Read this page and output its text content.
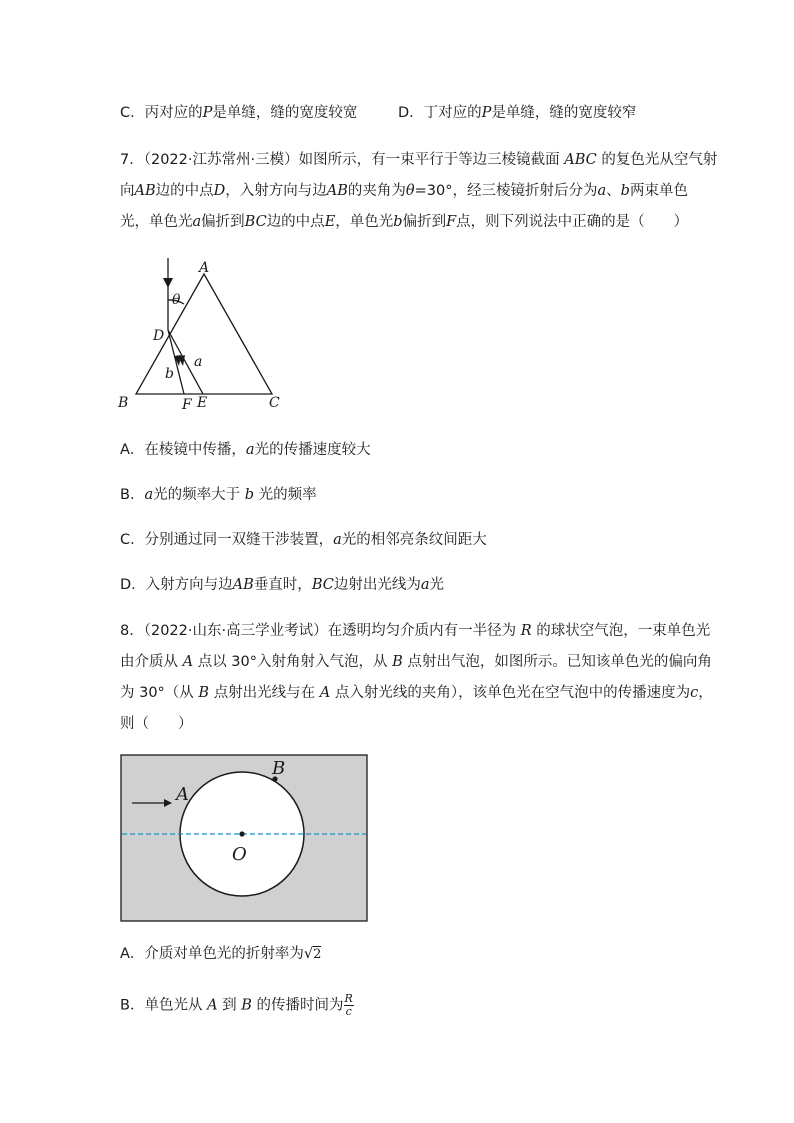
C．丙对应的P是单缝，缝的宽度较宽	D．丁对应的P是单缝，缝的宽度较窄
7．（2022·江苏常州·三模）如图所示，有一束平行于等边三棱镜截面 ABC 的复色光从空气射
向AB边的中点D，入射方向与边AB的夹角为θ=30°，经三棱镜折射后分为a、b两束单色
光，单色光a偏折到BC边的中点E，单色光b偏折到F点，则下列说法中正确的是（　　）
A
θ
D
a
b
B	F E	C
A．在棱镜中传播，a光的传播速度较大
B．a光的频率大于 b 光的频率
C．分别通过同一双缝干涉装置，a光的相邻亮条纹间距大
D．入射方向与边AB垂直时，BC边射出光线为a光
8．（2022·山东·高三学业考试）在透明均匀介质内有一半径为 R 的球状空气泡，一束单色光
由介质从 A 点以 30°入射角射入气泡，从 B 点射出气泡，如图所示。已知该单色光的偏向角
为 30°（从 B 点射出光线与在 A 点入射光线的夹角），该单色光在空气泡中的传播速度为c，
则（　　）
A
B
O
A．介质对单色光的折射率为√2
B．单色光从 A 到 B 的传播时间为 $\frac{R}{c}$
